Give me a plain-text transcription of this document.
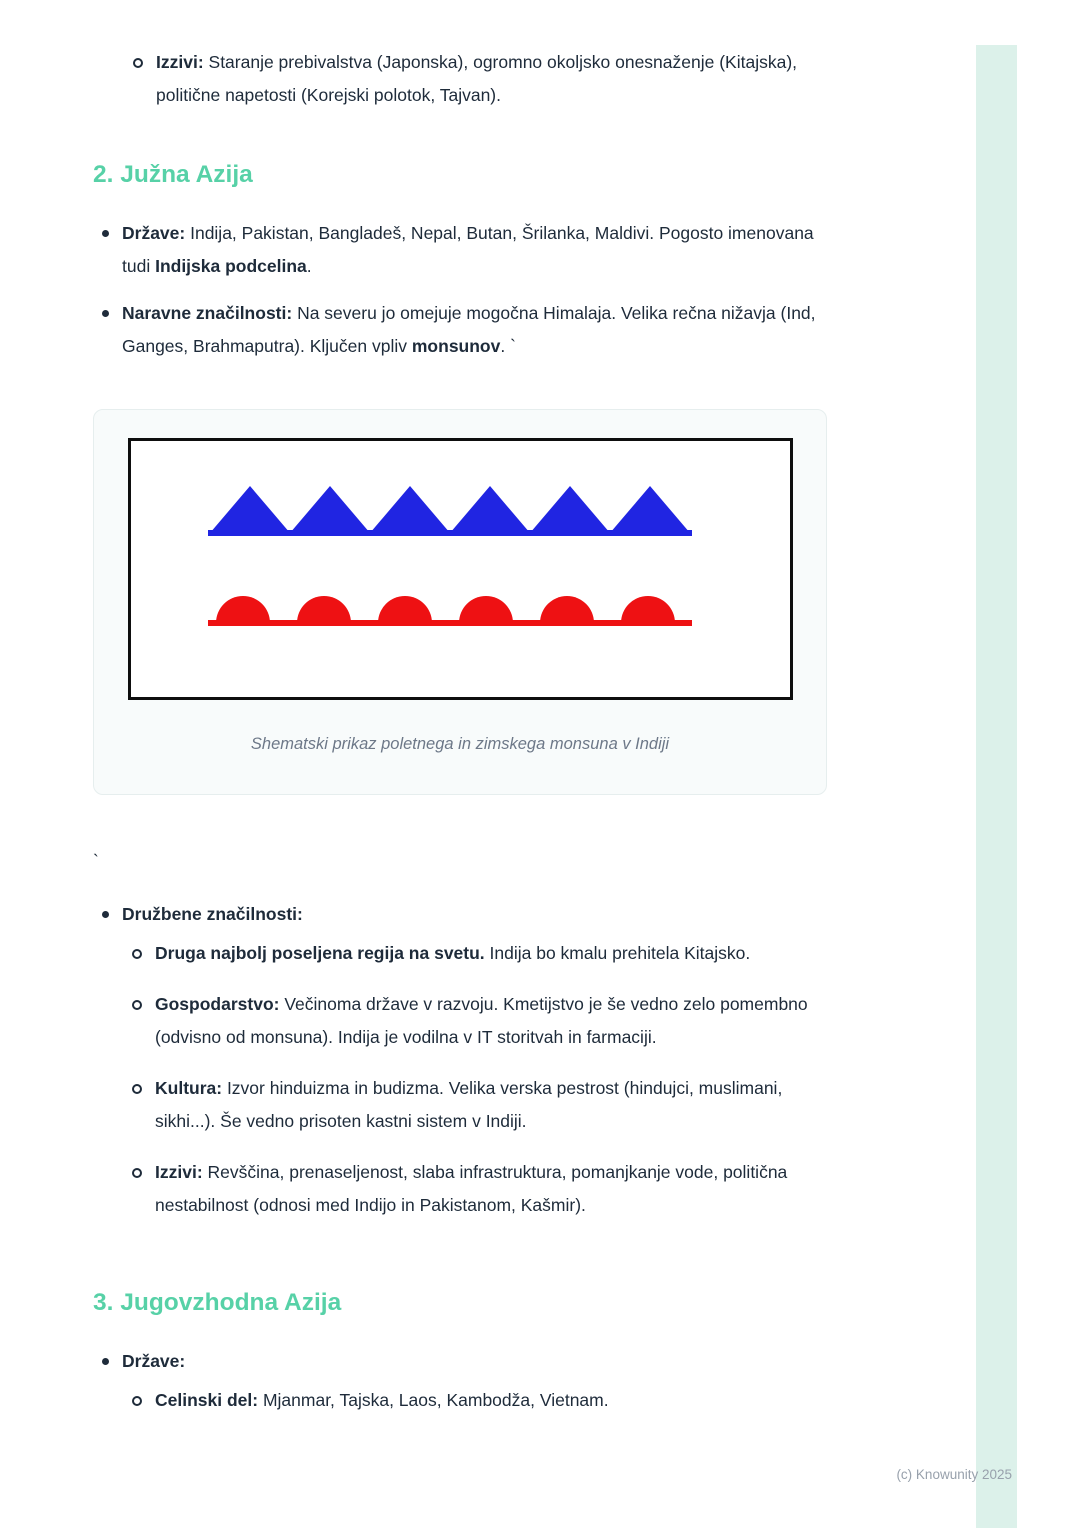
Izzivi: Staranje prebivalstva (Japonska), ogromno okoljsko onesnaženje (Kitajska), politične napetosti (Korejski polotok, Tajvan).
2. Južna Azija
Države: Indija, Pakistan, Bangladeš, Nepal, Butan, Šrilanka, Maldivi. Pogosto imenovana tudi Indijska podcelina.
Naravne značilnosti: Na severu jo omejuje mogočna Himalaja. Velika rečna nižavja (Ind, Ganges, Brahmaputra). Ključen vpliv monsunov. `
Shematski prikaz poletnega in zimskega monsuna v Indiji
`
Družbene značilnosti:
Druga najbolj poseljena regija na svetu. Indija bo kmalu prehitela Kitajsko.
Gospodarstvo: Večinoma države v razvoju. Kmetijstvo je še vedno zelo pomembno (odvisno od monsuna). Indija je vodilna v IT storitvah in farmaciji.
Kultura: Izvor hinduizma in budizma. Velika verska pestrost (hindujci, muslimani, sikhi...). Še vedno prisoten kastni sistem v Indiji.
Izzivi: Revščina, prenaseljenost, slaba infrastruktura, pomanjkanje vode, politična nestabilnost (odnosi med Indijo in Pakistanom, Kašmir).
3. Jugovzhodna Azija
Države:
Celinski del: Mjanmar, Tajska, Laos, Kambodža, Vietnam.
(c) Knowunity 2025
